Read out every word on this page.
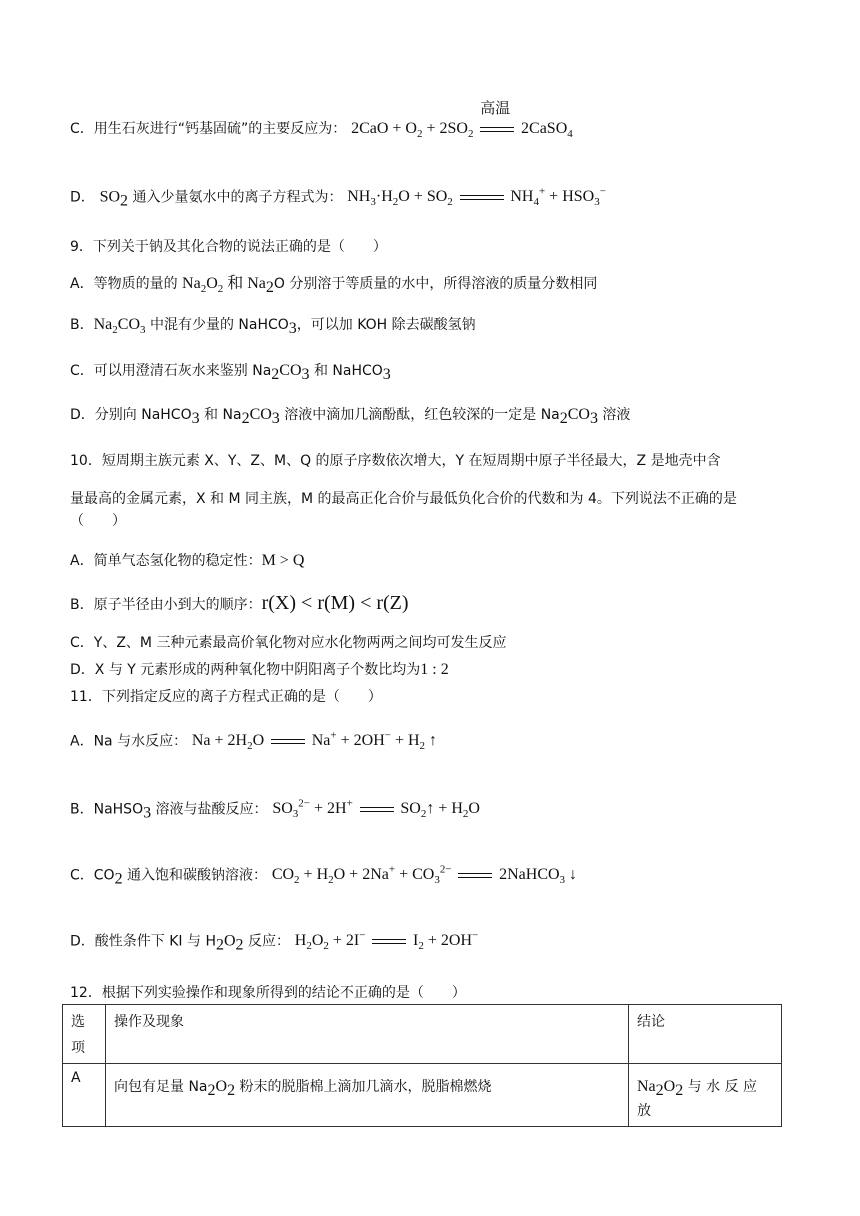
C．用生石灰进行“钙基固硫”的主要反应为： $2CaO + O_2 + 2SO_2$
高温
2CaSO$_4$
D． $SO_2$ 通入少量氨水中的离子方程式为： $NH_3\cdot H_2O + SO_2$	$NH_4^+ + HSO_3^-$
9．下列关于钠及其化合物的说法正确的是（　　）
A．等物质的量的 $Na_2O_2$ 和 $Na_2O$ 分别溶于等质量的水中，所得溶液的质量分数相同
B．$Na_2CO_3$ 中混有少量的 NaHCO$_3$，可以加 KOH 除去碳酸氢钠
C．可以用澄清石灰水来鉴别 $Na_2CO_3$ 和 NaHCO$_3$
D．分别向 NaHCO$_3$ 和 $Na_2CO_3$ 溶液中滴加几滴酚酞，红色较深的一定是 $Na_2CO_3$ 溶液
10．短周期主族元素 X、Y、Z、M、Q 的原子序数依次增大，Y 在短周期中原子半径最大，Z 是地壳中含
量最高的金属元素，X 和 M 同主族，M 的最高正化合价与最低负化合价的代数和为 4。下列说法不正确的是
（　　）
A．简单气态氢化物的稳定性：M > Q
B．原子半径由小到大的顺序：r(X) < r(M) < r(Z)
C．Y、Z、M 三种元素最高价氧化物对应水化物两两之间均可发生反应
D．X 与 Y 元素形成的两种氧化物中阴阳离子个数比均为1 : 2
11．下列指定反应的离子方程式正确的是（　　）
A．Na 与水反应： $Na + 2H_2O$	$Na^+ + 2OH^- + H_2$ ↑
B．NaHSO$_3$ 溶液与盐酸反应： $SO_3^{2-} + 2H^+$	$SO_2↑ + H_2O$
C．$CO_2$ 通入饱和碳酸钠溶液： $CO_2 + H_2O + 2Na^+ + CO_3^{2-}$	2NaHCO$_3$ ↓
D．酸性条件下 KI 与 $H_2O_2$ 反应： $H_2O_2 + 2I^-$	$I_2 + 2OH^-$
12．根据下列实验操作和现象所得到的结论不正确的是（　　）
选
项	操作及现象	结论
A	向包有足量 $Na_2O_2$ 粉末的脱脂棉上滴加几滴水，脱脂棉燃烧	$Na_2O_2$ 与 水 反 应 放
